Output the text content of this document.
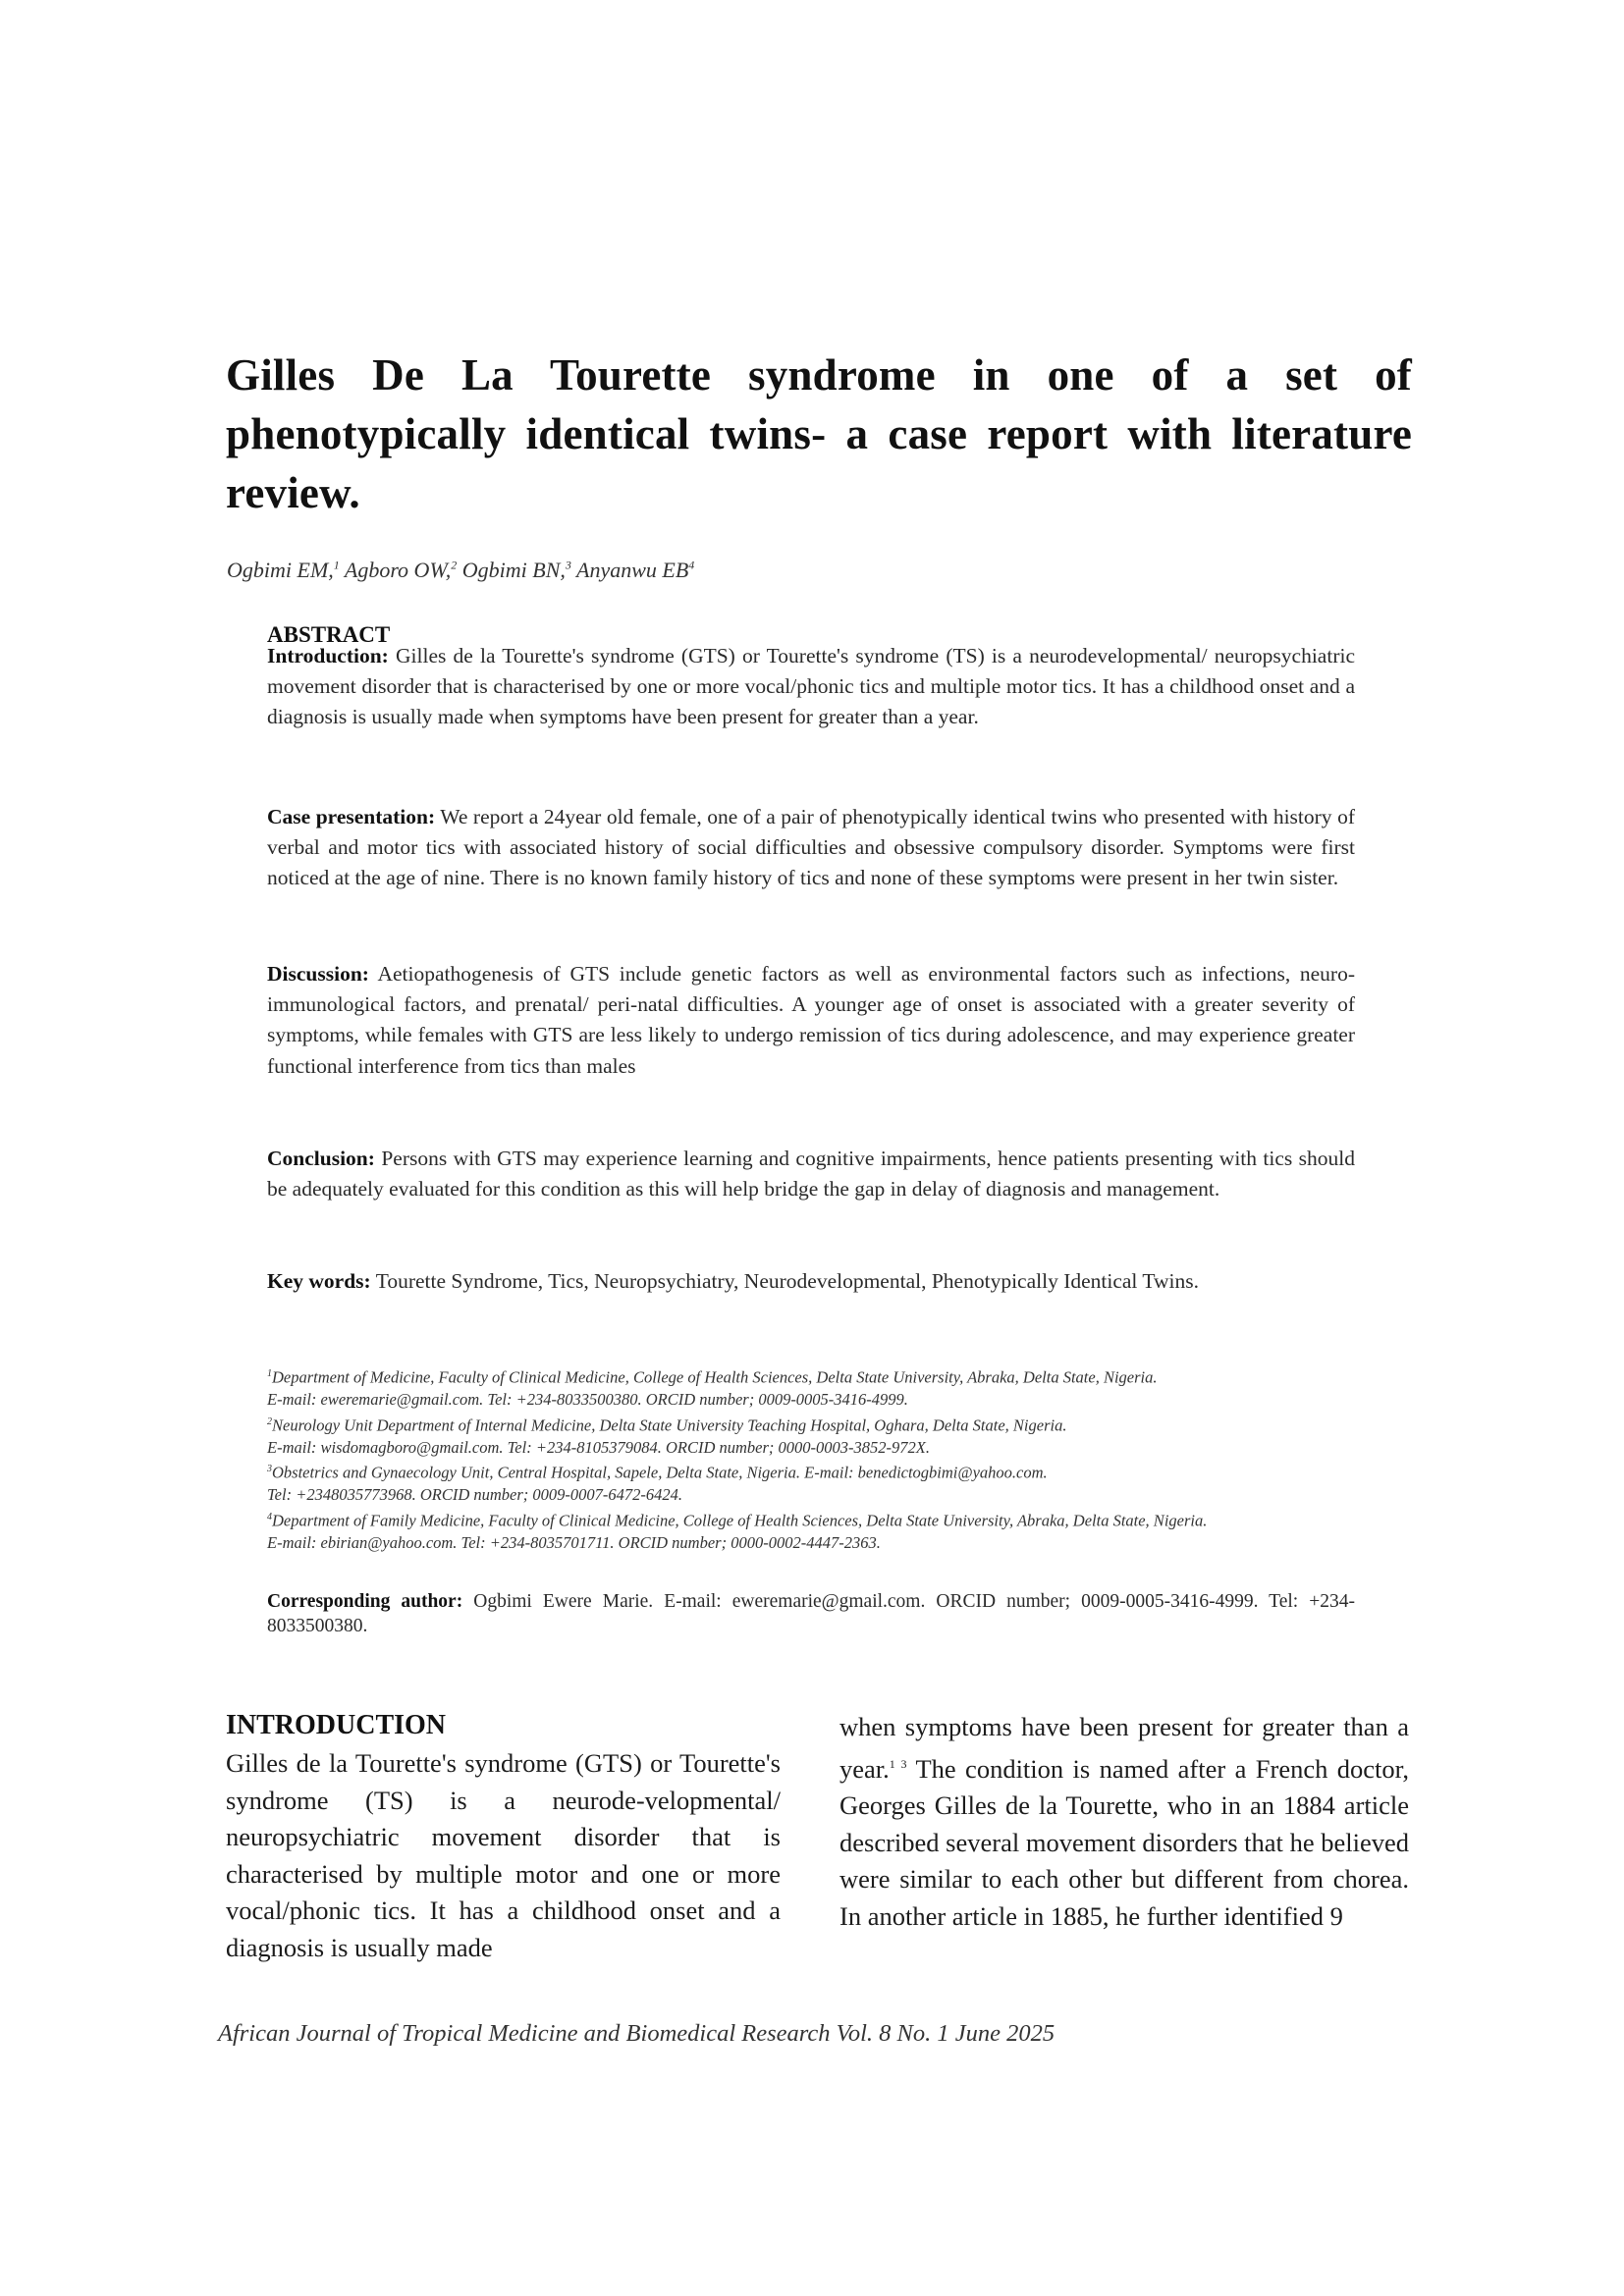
Gilles De La Tourette syndrome in one of a set of phenotypically identical twins- a case report with literature review.
Ogbimi EM,$^1$ Agboro OW,$^2$ Ogbimi BN,$^3$ Anyanwu $EB^4$
ABSTRACT
Introduction: Gilles de la Tourette's syndrome (GTS) or Tourette's syndrome (TS) is a neurodevelopmental/ neuropsychiatric movement disorder that is characterised by one or more vocal/phonic tics and multiple motor tics. It has a childhood onset and a diagnosis is usually made when symptoms have been present for greater than a year.
Case presentation: We report a 24year old female, one of a pair of phenotypically identical twins who presented with history of verbal and motor tics with associated history of social difficulties and obsessive compulsory disorder. Symptoms were first noticed at the age of nine. There is no known family history of tics and none of these symptoms were present in her twin sister.
Discussion: Aetiopathogenesis of GTS include genetic factors as well as environmental factors such as infections, neuro-immunological factors, and prenatal/ peri-natal difficulties. A younger age of onset is associated with a greater severity of symptoms, while females with GTS are less likely to undergo remission of tics during adolescence, and may experience greater functional interference from tics than males
Conclusion: Persons with GTS may experience learning and cognitive impairments, hence patients presenting with tics should be adequately evaluated for this condition as this will help bridge the gap in delay of diagnosis and management.
Key words: Tourette Syndrome, Tics, Neuropsychiatry, Neurodevelopmental, Phenotypically Identical Twins.
$^1$Department of Medicine, Faculty of Clinical Medicine, College of Health Sciences, Delta State University, Abraka, Delta State, Nigeria.
E-mail: eweremarie@gmail.com. Tel: +234-8033500380. ORCID number; 0009-0005-3416-4999.
$^2$Neurology Unit Department of Internal Medicine, Delta State University Teaching Hospital, Oghara, Delta State, Nigeria.
E-mail: wisdomagboro@gmail.com. Tel: +234-8105379084. ORCID number; 0000-0003-3852-972X.
$^3$Obstetrics and Gynaecology Unit, Central Hospital, Sapele, Delta State, Nigeria. E-mail: benedictogbimi@yahoo.com.
Tel: +2348035773968. ORCID number; 0009-0007-6472-6424.
$^4$Department of Family Medicine, Faculty of Clinical Medicine, College of Health Sciences, Delta State University, Abraka, Delta State, Nigeria.
E-mail: ebirian@yahoo.com. Tel: +234-8035701711. ORCID number; 0000-0002-4447-2363.
Corresponding author: Ogbimi Ewere Marie. E-mail: eweremarie@gmail.com. ORCID number; 0009-0005-3416-4999. Tel: +234-8033500380.
INTRODUCTION
Gilles de la Tourette's syndrome (GTS) or Tourette's syndrome (TS) is a neurode-velopmental/ neuropsychiatric movement disorder that is characterised by multiple motor and one or more vocal/phonic tics. It has a childhood onset and a diagnosis is usually made
when symptoms have been present for greater than a year.$^{1 3}$ The condition is named after a French doctor, Georges Gilles de la Tourette, who in an 1884 article described several movement disorders that he believed were similar to each other but different from chorea. In another article in 1885, he further identified 9
African Journal of Tropical Medicine and Biomedical Research Vol. 8 No. 1 June 2025
